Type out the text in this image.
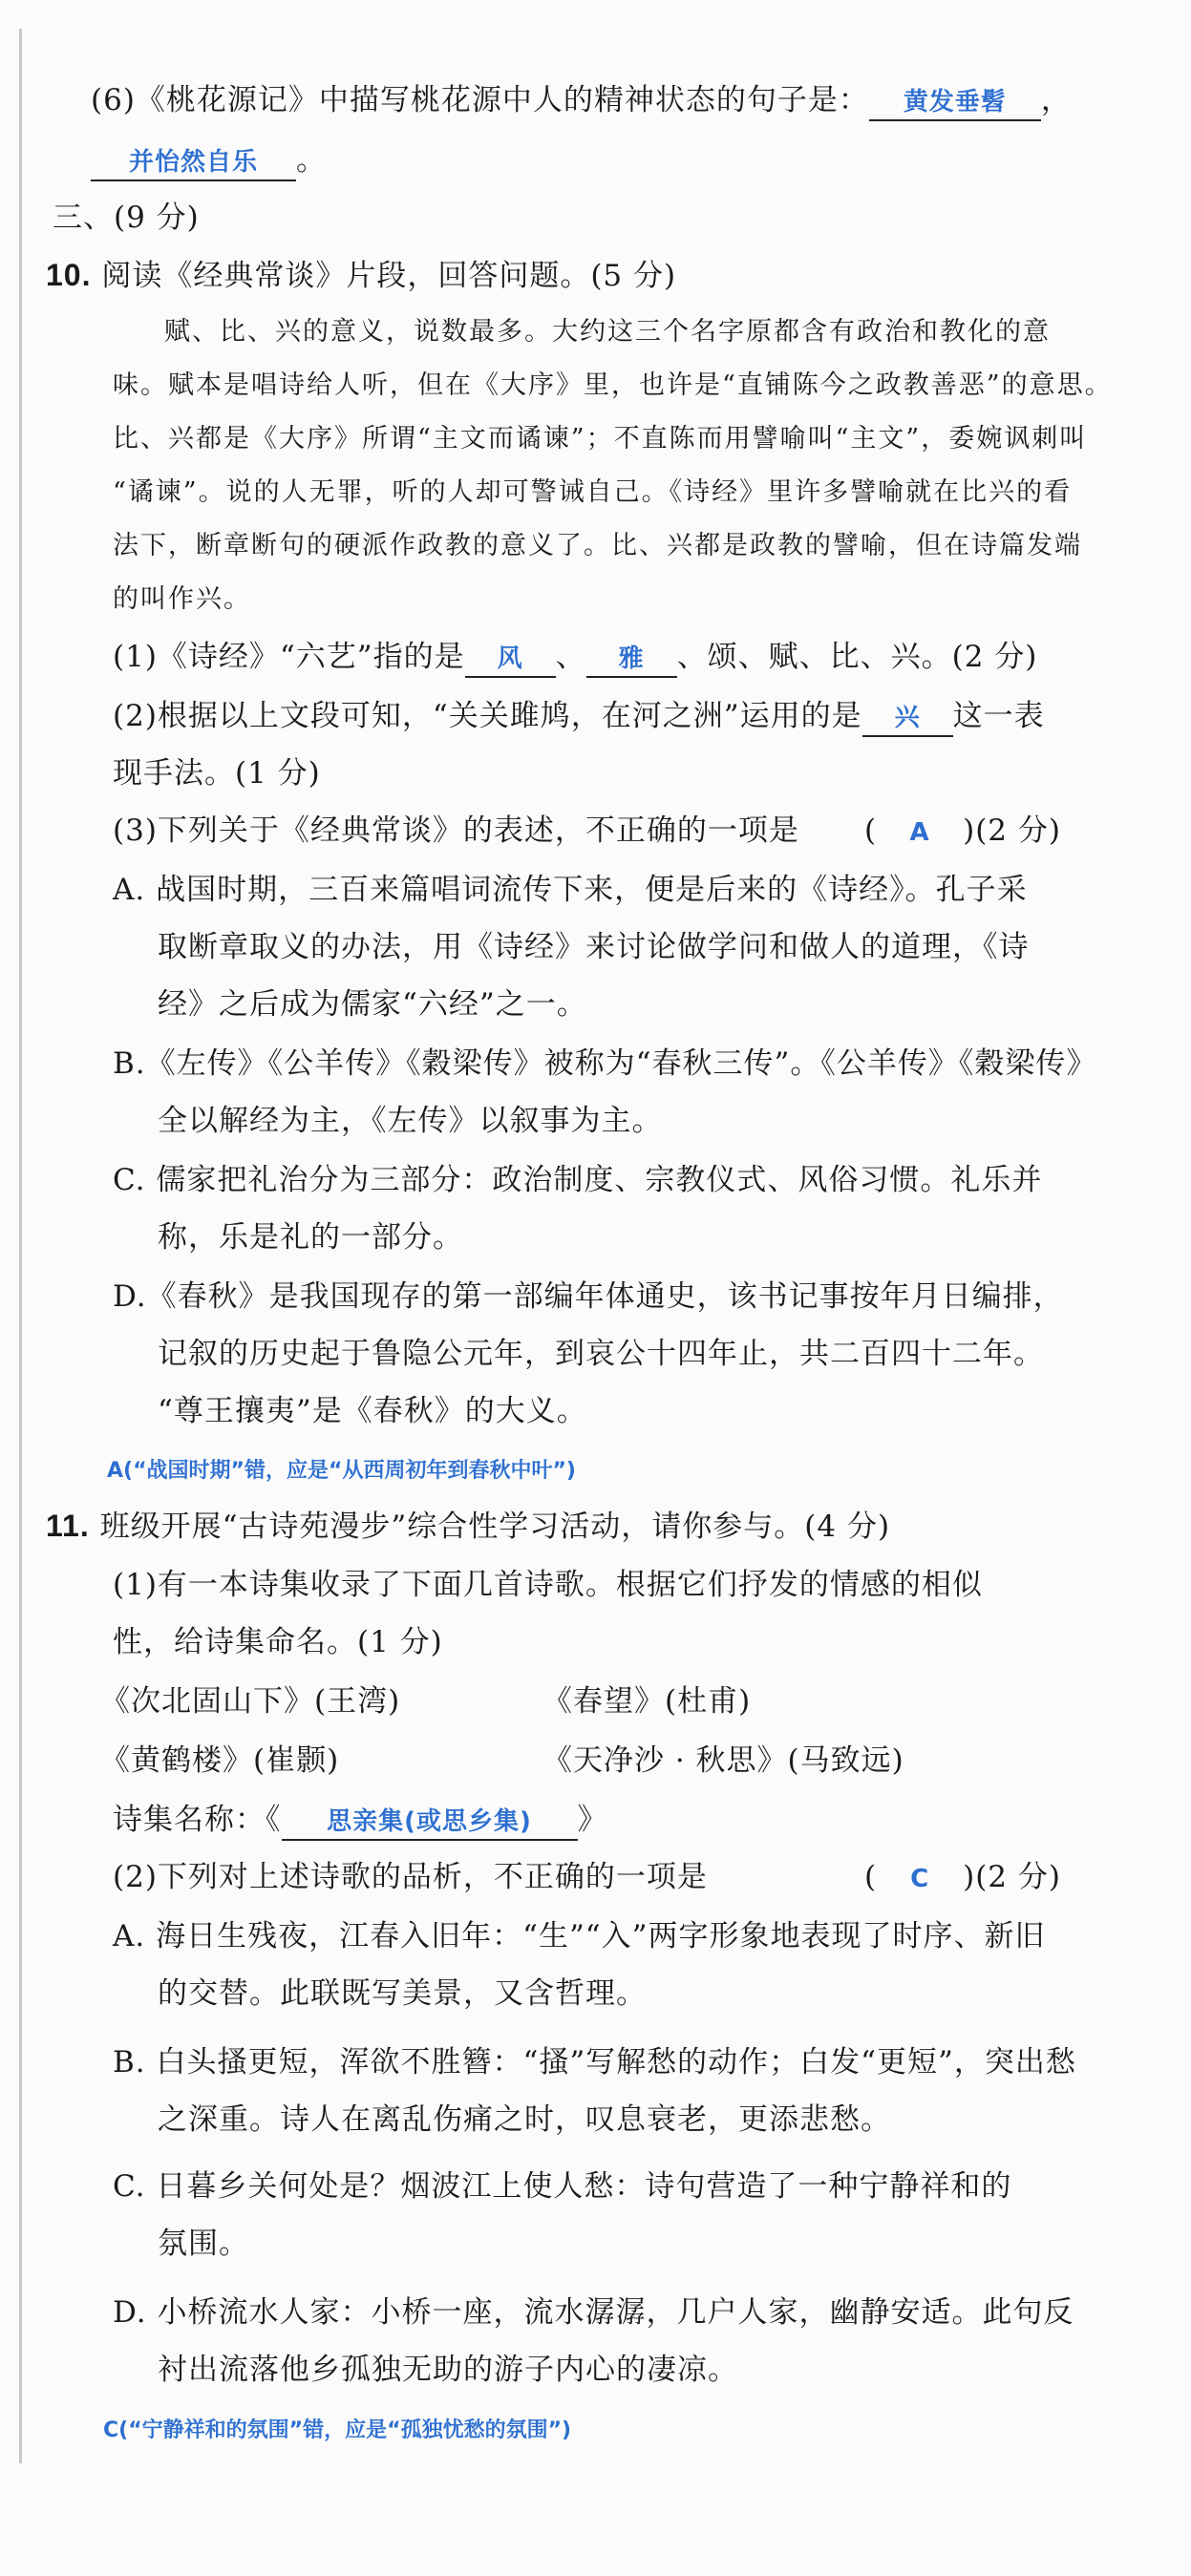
(6)《桃花源记》中描写桃花源中人的精神状态的句子是： 黄发垂髫 ，
并怡然自乐 。
三、(9 分)
10. 阅读《经典常谈》片段，回答问题。(5 分)
赋、比、兴的意义，说数最多。大约这三个名字原都含有政治和教化的意
味。赋本是唱诗给人听，但在《大序》里，也许是“直铺陈今之政教善恶”的意思。
比、兴都是《大序》所谓“主文而谲谏”；不直陈而用譬喻叫“主文”，委婉讽刺叫
“谲谏”。说的人无罪，听的人却可警诫自己。《诗经》里许多譬喻就在比兴的看
法下，断章断句的硬派作政教的意义了。比、兴都是政教的譬喻，但在诗篇发端
的叫作兴。
(1)《诗经》“六艺”指的是 风 、 雅 、颂、赋、比、兴。(2 分)
(2)根据以上文段可知，“关关雎鸠，在河之洲”运用的是 兴 这一表
现手法。(1 分)
(3)下列关于《经典常谈》的表述，不正确的一项是 ( A )(2 分)
A. 战国时期，三百来篇唱词流传下来，便是后来的《诗经》。孔子采
取断章取义的办法，用《诗经》来讨论做学问和做人的道理，《诗
经》之后成为儒家“六经”之一。
B.《左传》《公羊传》《穀梁传》被称为“春秋三传”。《公羊传》《穀梁传》
全以解经为主，《左传》以叙事为主。
C. 儒家把礼治分为三部分：政治制度、宗教仪式、风俗习惯。礼乐并
称，乐是礼的一部分。
D.《春秋》是我国现存的第一部编年体通史，该书记事按年月日编排，
记叙的历史起于鲁隐公元年，到哀公十四年止，共二百四十二年。
“尊王攘夷”是《春秋》的大义。
A(“战国时期”错，应是“从西周初年到春秋中叶”)
11. 班级开展“古诗苑漫步”综合性学习活动，请你参与。(4 分)
(1)有一本诗集收录了下面几首诗歌。根据它们抒发的情感的相似
性，给诗集命名。(1 分)
《次北固山下》(王湾)	《春望》(杜甫)
《黄鹤楼》(崔颢)	《天净沙 · 秋思》(马致远)
诗集名称：《 思亲集(或思乡集) 》
(2)下列对上述诗歌的品析，不正确的一项是	( C )(2 分)
A. 海日生残夜，江春入旧年：“生”“入”两字形象地表现了时序、新旧
的交替。此联既写美景，又含哲理。
B. 白头搔更短，浑欲不胜簪：“搔”写解愁的动作；白发“更短”，突出愁
之深重。诗人在离乱伤痛之时，叹息衰老，更添悲愁。
C. 日暮乡关何处是？烟波江上使人愁：诗句营造了一种宁静祥和的
氛围。
D. 小桥流水人家：小桥一座，流水潺潺，几户人家，幽静安适。此句反
衬出流落他乡孤独无助的游子内心的凄凉。
C(“宁静祥和的氛围”错，应是“孤独忧愁的氛围”)
